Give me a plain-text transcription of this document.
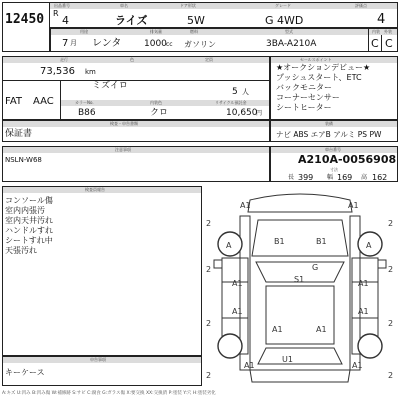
出品番号	車名	ドア形状	グレード	評価点
12450 R
4	ライズ	5W	G 4WD	4
用途	排気量	燃料	型式	内装 外装
7 月 レンタ	1000 cc ガソリン	3BA-A210A	C C
走行	色	定員
73,536 km
ミズイロ
5 人
FAT AAC	カラーNo.	内装色	リサイクル預託金
B86	クロ	10,650
円
セールスポイント
★オークションデビュー★
プッシュスタート、ETC
バックモニター
コーナーセンサー
シートヒーター
検査・申告書類
保証書
装備
ナビ ABS エアB アルミ PS PW
注意事項
NSLN-W68
車台番号
A210A-0056908
寸法
長 399 幅 169 高 162
検査員報告
コンソール傷
室内内張汚
室内天井汚れ
ハンドルすれ
シートすれ中
天張汚れ
申告事項
キーケース
A1	A1
B1	B1
A	A
G
S1
A1	A1
A1	A1
A1	A1
U1
A1	A1
2	2
2	2
2	2
2	2
A:キズ U:凹み B:凹み傷 W:補修跡 S:サビ C:腐食 G:ガラス傷 X:要交換 XX:交換済 P:塗装 Y:穴 H:塗装劣化
